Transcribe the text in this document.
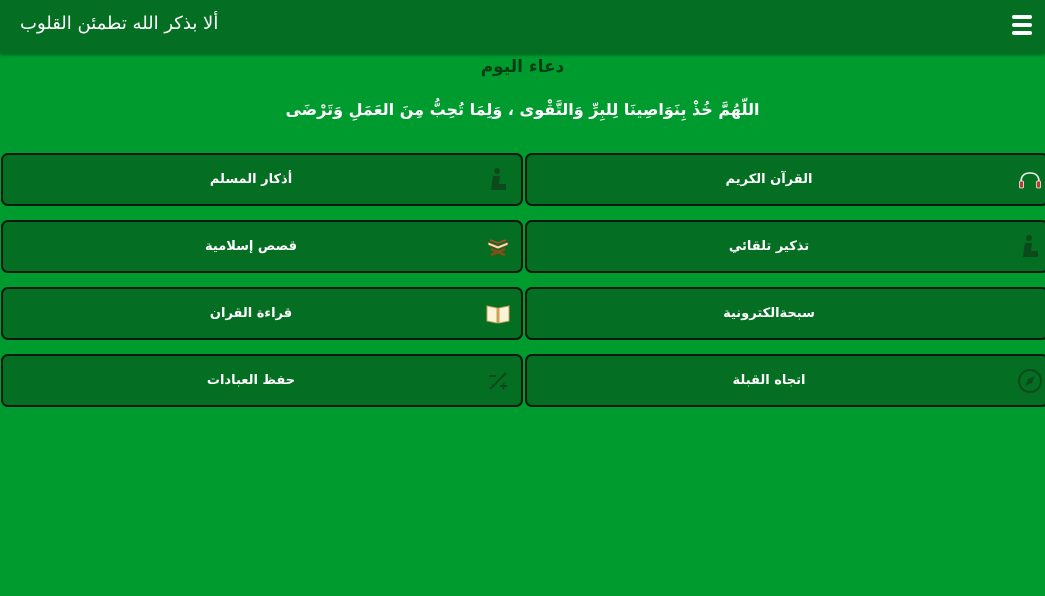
ألا بذكر الله تطمئن القلوب
دعاء اليوم
اللّهُمَّ خُذْ بِنَوَاصِينَا لِلبِرِّ وَالتَّقْوى ، وَلِمَا تُحِبُّ مِنَ العَمَلِ وَتَرْضَى
القرآن الكريم
أذكار المسلم
تذكير تلقائي
قصص إسلامية
سبحةالكترونية
قراءة القران
اتجاه القبلة
حفظ العبادات
